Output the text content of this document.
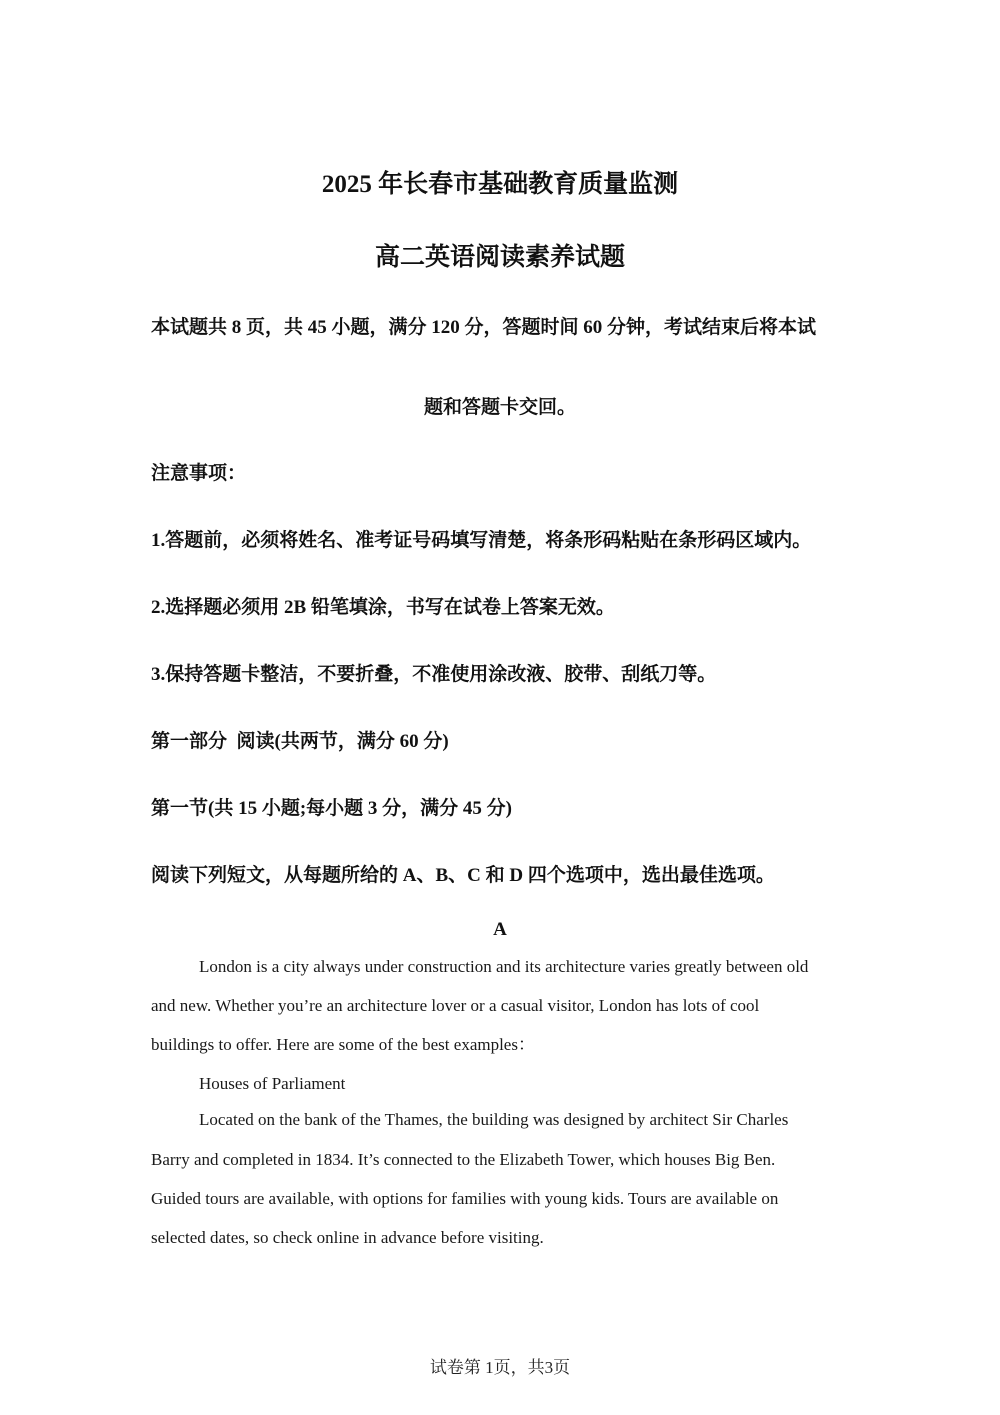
2025 年长春市基础教育质量监测
高二英语阅读素养试题
本试题共 8 页，共 45 小题，满分 120 分，答题时间 60 分钟，考试结束后将本试
题和答题卡交回。
注意事项：
1.答题前，必须将姓名、准考证号码填写清楚，将条形码粘贴在条形码区域内。
2.选择题必须用 2B 铅笔填涂，书写在试卷上答案无效。
3.保持答题卡整洁，不要折叠，不准使用涂改液、胶带、刮纸刀等。
第一部分  阅读(共两节，满分 60 分)
第一节(共 15 小题;每小题 3 分，满分 45 分)
阅读下列短文，从每题所给的 A、B、C 和 D 四个选项中，选出最佳选项。
A
London is a city always under construction and its architecture varies greatly between old
and new. Whether you’re an architecture lover or a casual visitor, London has lots of cool
buildings to offer. Here are some of the best examples：
Houses of Parliament
Located on the bank of the Thames, the building was designed by architect Sir Charles
Barry and completed in 1834. It’s connected to the Elizabeth Tower, which houses Big Ben.
Guided tours are available, with options for families with young kids. Tours are available on
selected dates, so check online in advance before visiting.
试卷第 1页，共3页
